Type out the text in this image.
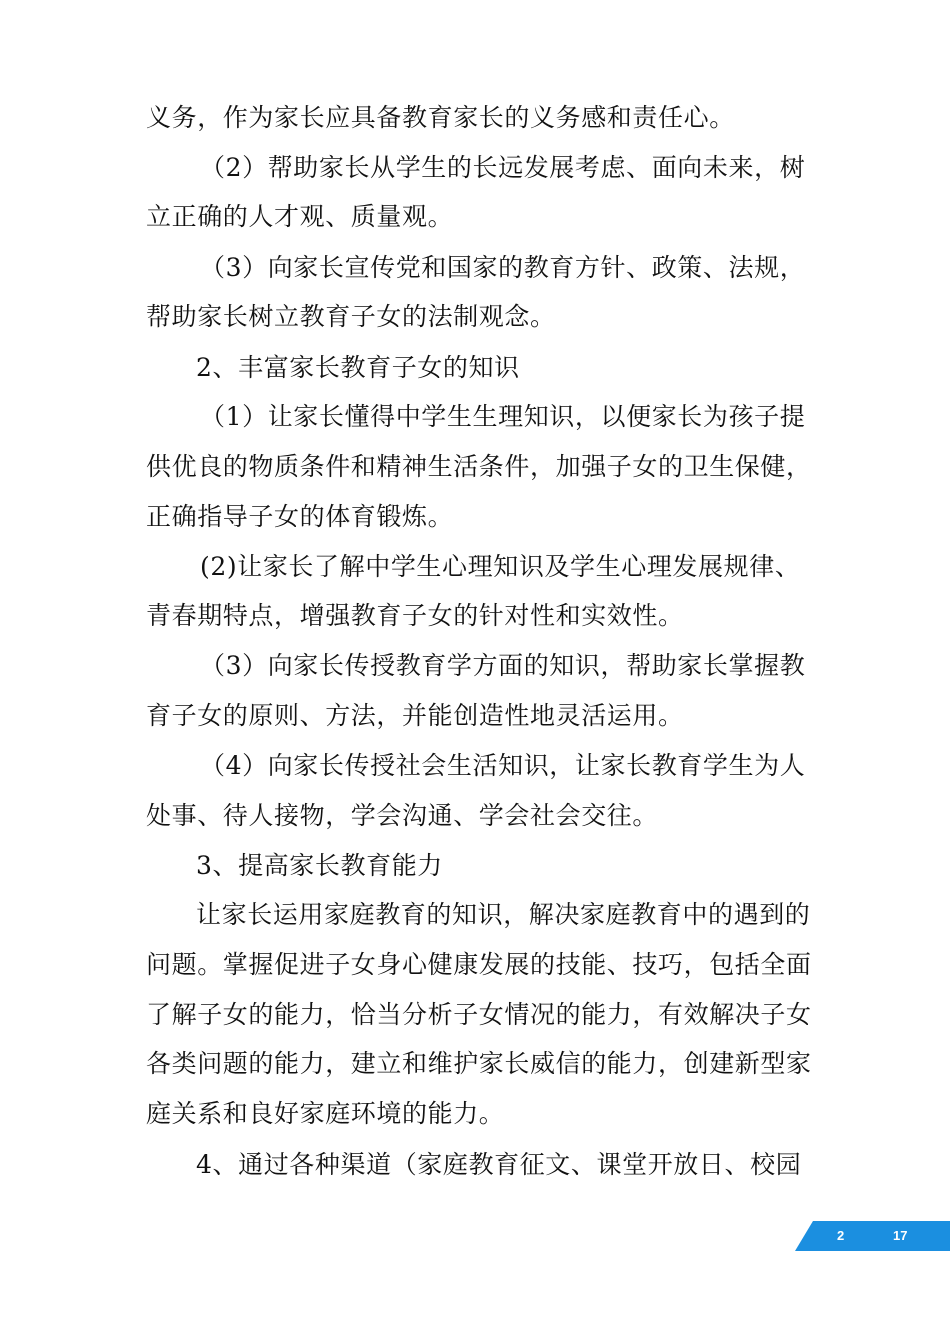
义务，作为家长应具备教育家长的义务感和责任心。
（2）帮助家长从学生的长远发展考虑、面向未来，树
立正确的人才观、质量观。
（3）向家长宣传党和国家的教育方针、政策、法规，
帮助家长树立教育子女的法制观念。
2、丰富家长教育子女的知识
（1）让家长懂得中学生生理知识，以便家长为孩子提
供优良的物质条件和精神生活条件，加强子女的卫生保健，
正确指导子女的体育锻炼。
(2)让家长了解中学生心理知识及学生心理发展规律、
青春期特点，增强教育子女的针对性和实效性。
（3）向家长传授教育学方面的知识，帮助家长掌握教
育子女的原则、方法，并能创造性地灵活运用。
（4）向家长传授社会生活知识，让家长教育学生为人
处事、待人接物，学会沟通、学会社会交往。
3、提高家长教育能力
让家长运用家庭教育的知识，解决家庭教育中的遇到的
问题。掌握促进子女身心健康发展的技能、技巧，包括全面
了解子女的能力，恰当分析子女情况的能力，有效解决子女
各类问题的能力，建立和维护家长威信的能力，创建新型家
庭关系和良好家庭环境的能力。
4、通过各种渠道（家庭教育征文、课堂开放日、校园
2	17
